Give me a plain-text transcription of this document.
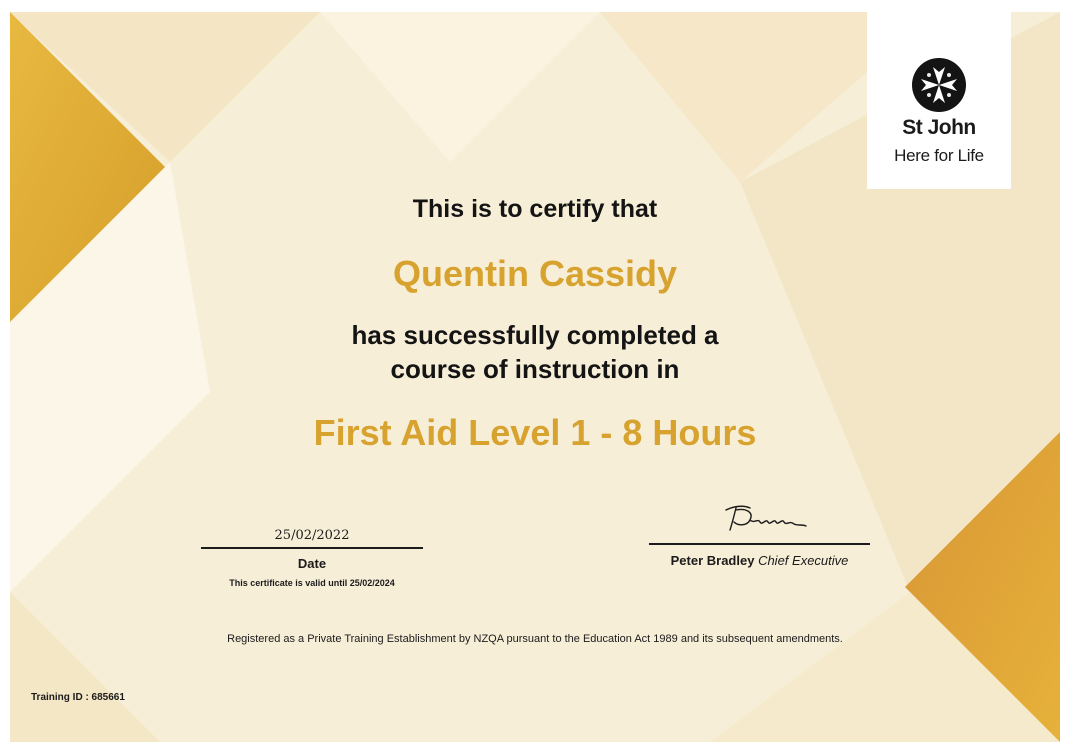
St John
Here for Life

This is to certify that

Quentin Cassidy

has successfully completed a
course of instruction in

First Aid Level 1 - 8 Hours

25/02/2022
Date
This certificate is valid until 25/02/2024
Peter Bradley Chief Executive

Registered as a Private Training Establishment by NZQA pursuant to the Education Act 1989 and its subsequent amendments.

Training ID : 685661
